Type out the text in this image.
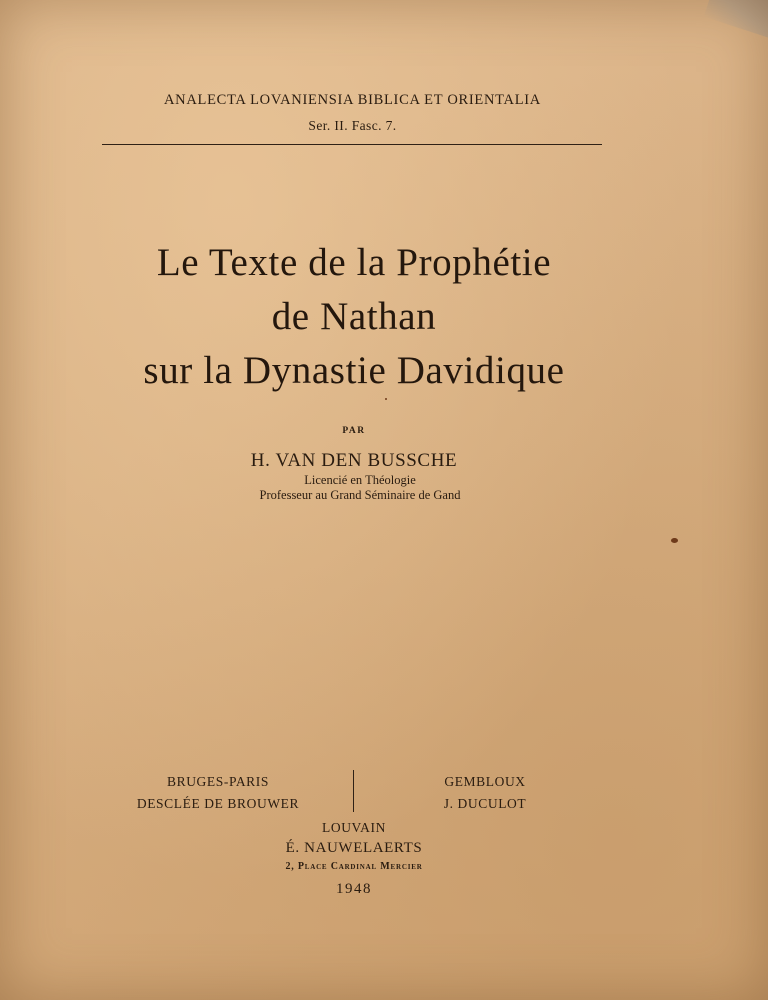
ANALECTA LOVANIENSIA BIBLICA ET ORIENTALIA
Ser. II. Fasc. 7.
Le Texte de la Prophétie
de Nathan
sur la Dynastie Davidique
PAR
H. VAN DEN BUSSCHE
Licencié en Théologie
Professeur au Grand Séminaire de Gand
BRUGES-PARIS
DESCLÉE DE BROUWER
GEMBLOUX
J. DUCULOT
LOUVAIN
É. NAUWELAERTS
2, Place Cardinal Mercier
1948
